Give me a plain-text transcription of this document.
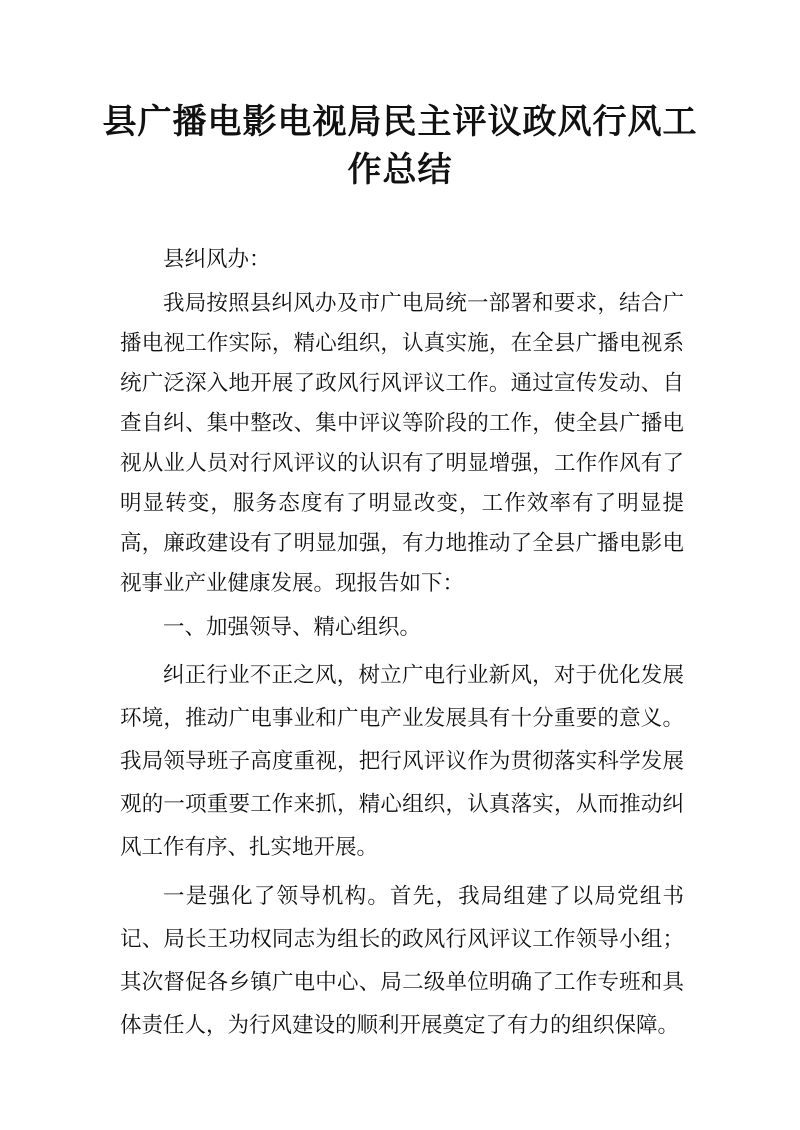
县广播电影电视局民主评议政风行风工作总结

县纠风办：

我局按照县纠风办及市广电局统一部署和要求，结合广播电视工作实际，精心组织，认真实施，在全县广播电视系统广泛深入地开展了政风行风评议工作。通过宣传发动、自查自纠、集中整改、集中评议等阶段的工作，使全县广播电视从业人员对行风评议的认识有了明显增强，工作作风有了明显转变，服务态度有了明显改变，工作效率有了明显提高，廉政建设有了明显加强，有力地推动了全县广播电影电视事业产业健康发展。现报告如下：

一、加强领导、精心组织。

纠正行业不正之风，树立广电行业新风，对于优化发展环境，推动广电事业和广电产业发展具有十分重要的意义。我局领导班子高度重视，把行风评议作为贯彻落实科学发展观的一项重要工作来抓，精心组织，认真落实，从而推动纠风工作有序、扎实地开展。

一是强化了领导机构。首先，我局组建了以局党组书记、局长王功权同志为组长的政风行风评议工作领导小组；其次督促各乡镇广电中心、局二级单位明确了工作专班和具体责任人，为行风建设的顺利开展奠定了有力的组织保障。
